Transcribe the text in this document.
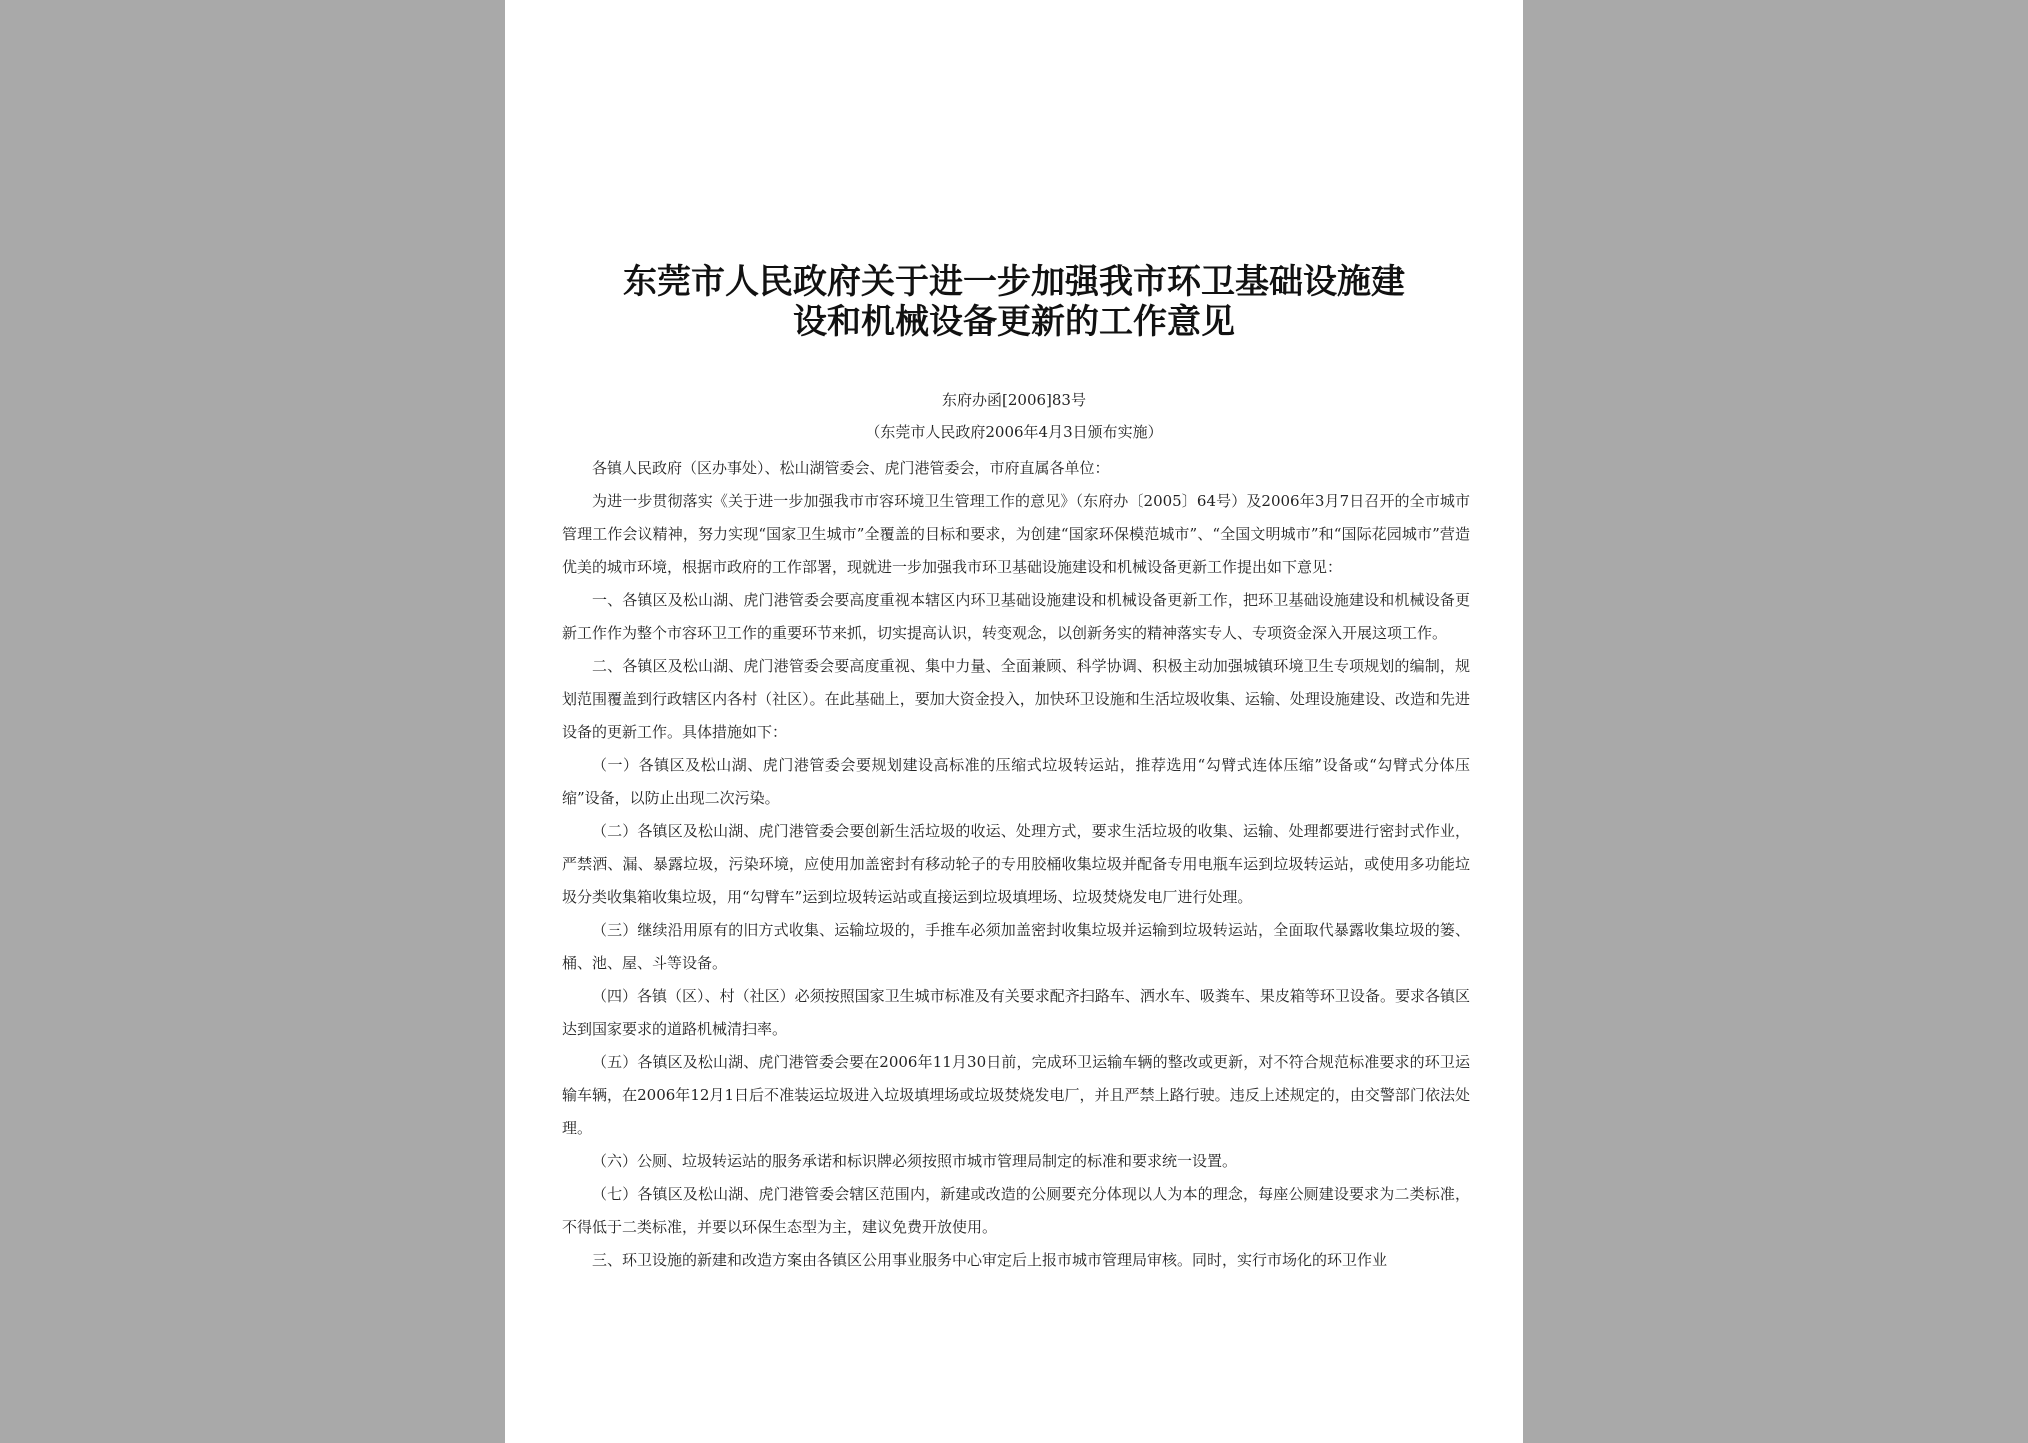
东莞市人民政府关于进一步加强我市环卫基础设施建
设和机械设备更新的工作意见
东府办函[2006]83号
（东莞市人民政府2006年4月3日颁布实施）

各镇人民政府（区办事处）、松山湖管委会、虎门港管委会，市府直属各单位：

为进一步贯彻落实《关于进一步加强我市市容环境卫生管理工作的意见》（东府办〔2005〕64号）及2006年3月7日召开的全市城市管理工作会议精神，努力实现“国家卫生城市”全覆盖的目标和要求，为创建“国家环保模范城市”、“全国文明城市”和“国际花园城市”营造优美的城市环境，根据市政府的工作部署，现就进一步加强我市环卫基础设施建设和机械设备更新工作提出如下意见：

一、各镇区及松山湖、虎门港管委会要高度重视本辖区内环卫基础设施建设和机械设备更新工作，把环卫基础设施建设和机械设备更新工作作为整个市容环卫工作的重要环节来抓，切实提高认识，转变观念，以创新务实的精神落实专人、专项资金深入开展这项工作。

二、各镇区及松山湖、虎门港管委会要高度重视、集中力量、全面兼顾、科学协调、积极主动加强城镇环境卫生专项规划的编制，规划范围覆盖到行政辖区内各村（社区）。在此基础上，要加大资金投入，加快环卫设施和生活垃圾收集、运输、处理设施建设、改造和先进设备的更新工作。具体措施如下：

（一）各镇区及松山湖、虎门港管委会要规划建设高标准的压缩式垃圾转运站，推荐选用“勾臂式连体压缩”设备或“勾臂式分体压缩”设备，以防止出现二次污染。

（二）各镇区及松山湖、虎门港管委会要创新生活垃圾的收运、处理方式，要求生活垃圾的收集、运输、处理都要进行密封式作业，严禁洒、漏、暴露垃圾，污染环境，应使用加盖密封有移动轮子的专用胶桶收集垃圾并配备专用电瓶车运到垃圾转运站，或使用多功能垃圾分类收集箱收集垃圾，用“勾臂车”运到垃圾转运站或直接运到垃圾填埋场、垃圾焚烧发电厂进行处理。

（三）继续沿用原有的旧方式收集、运输垃圾的，手推车必须加盖密封收集垃圾并运输到垃圾转运站，全面取代暴露收集垃圾的篓、桶、池、屋、斗等设备。

（四）各镇（区）、村（社区）必须按照国家卫生城市标准及有关要求配齐扫路车、洒水车、吸粪车、果皮箱等环卫设备。要求各镇区达到国家要求的道路机械清扫率。

（五）各镇区及松山湖、虎门港管委会要在2006年11月30日前，完成环卫运输车辆的整改或更新，对不符合规范标准要求的环卫运输车辆，在2006年12月1日后不准装运垃圾进入垃圾填埋场或垃圾焚烧发电厂，并且严禁上路行驶。违反上述规定的，由交警部门依法处理。

（六）公厕、垃圾转运站的服务承诺和标识牌必须按照市城市管理局制定的标准和要求统一设置。

（七）各镇区及松山湖、虎门港管委会辖区范围内，新建或改造的公厕要充分体现以人为本的理念，每座公厕建设要求为二类标准，不得低于二类标准，并要以环保生态型为主，建议免费开放使用。

三、环卫设施的新建和改造方案由各镇区公用事业服务中心审定后上报市城市管理局审核。同时，实行市场化的环卫作业
